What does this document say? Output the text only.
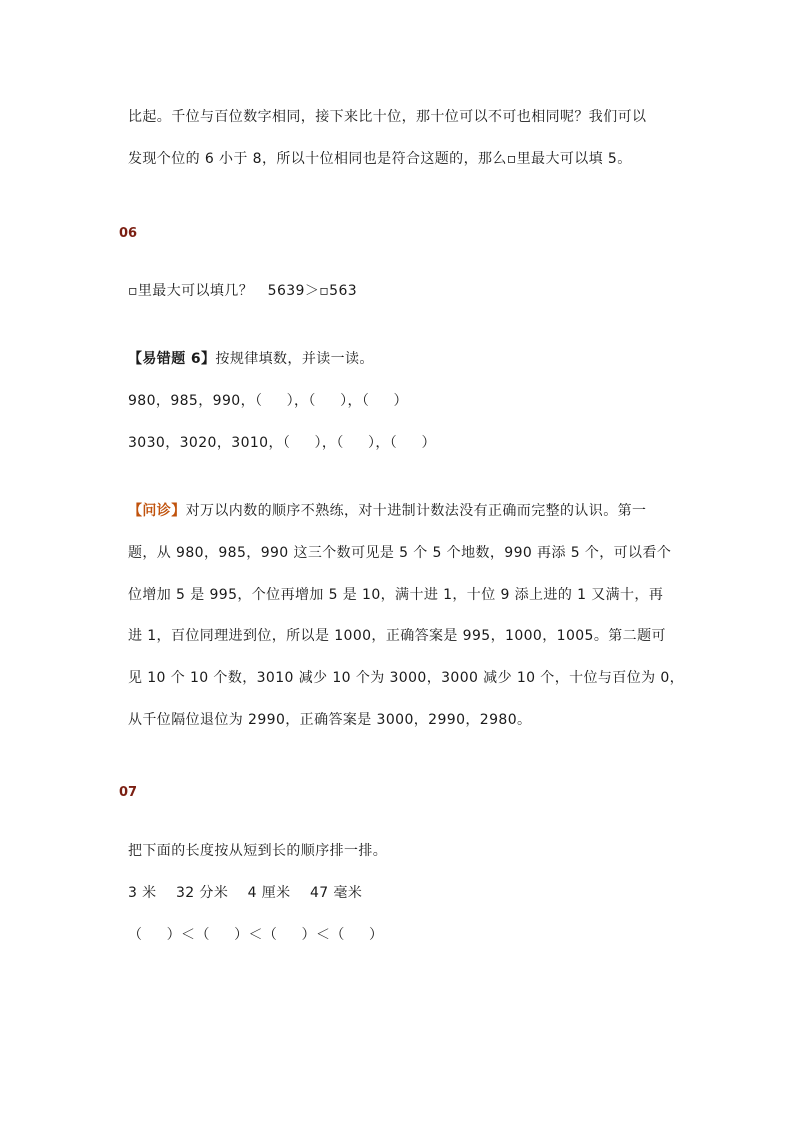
比起。千位与百位数字相同，接下来比十位，那十位可以不可也相同呢？我们可以
发现个位的 6 小于 8，所以十位相同也是符合这题的，那么▫里最大可以填 5。
06
▫里最大可以填几？   5639＞▫563
【易错题 6】按规律填数，并读一读。
980，985，990，（     ），（     ），（     ）
3030，3020，3010，（     ），（     ），（     ）
【问诊】对万以内数的顺序不熟练，对十进制计数法没有正确而完整的认识。第一
题，从 980，985，990 这三个数可见是 5 个 5 个地数，990 再添 5 个，可以看个
位增加 5 是 995，个位再增加 5 是 10，满十进 1，十位 9 添上进的 1 又满十，再
进 1，百位同理进到位，所以是 1000，正确答案是 995，1000，1005。第二题可
见 10 个 10 个数，3010 减少 10 个为 3000，3000 减少 10 个，十位与百位为 0，
从千位隔位退位为 2990，正确答案是 3000，2990，2980。
07
把下面的长度按从短到长的顺序排一排。
3 米    32 分米    4 厘米    47 毫米
（     ）＜（     ）＜（     ）＜（     ）
